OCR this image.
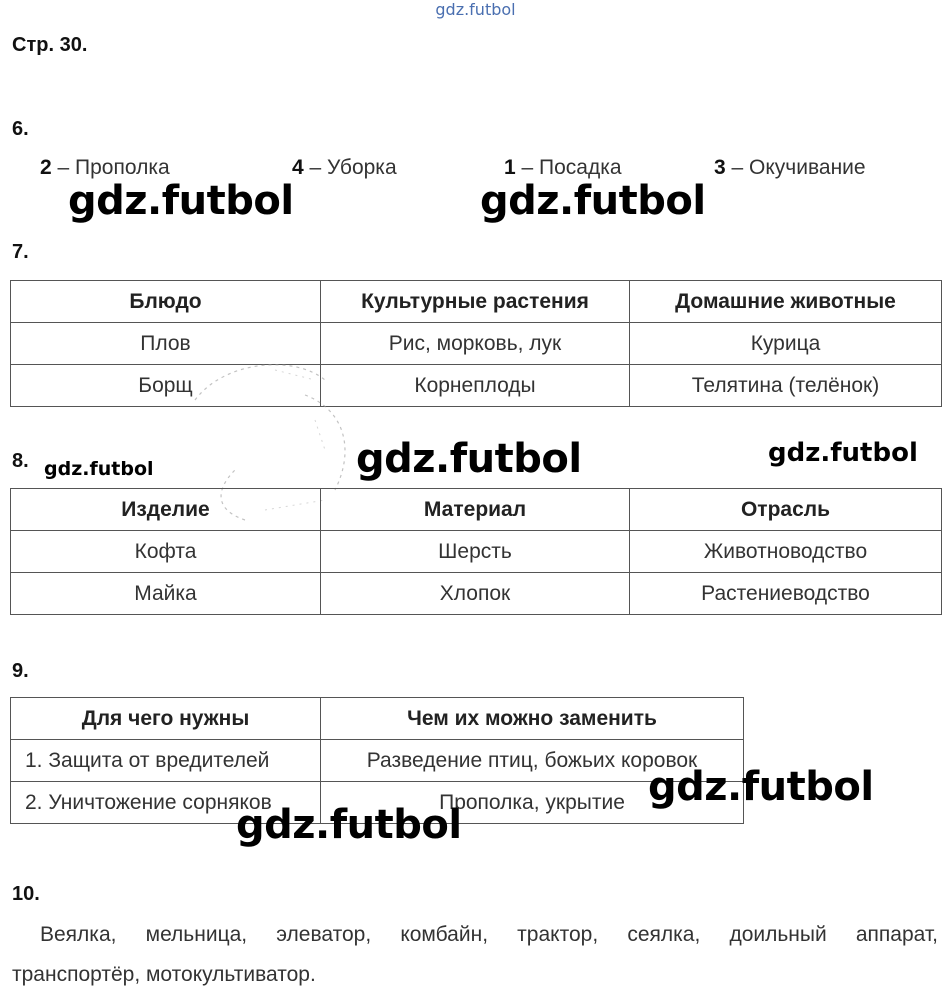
gdz.futbol
Стр. 30.
6.
2 – Прополка	4 – Уборка	1 – Посадка	3 – Окучивание
gdz.futbol	gdz.futbol
7.
Блюдо	Культурные растения	Домашние животные
Плов	Рис, морковь, лук	Курица
Борщ	Корнеплоды	Телятина (телёнок)
8. gdz.futbol	gdz.futbol	gdz.futbol
Изделие	Материал	Отрасль
Кофта	Шерсть	Животноводство
Майка	Хлопок	Растениеводство
9.
Для чего нужны	Чем их можно заменить
1. Защита от вредителей	Разведение птиц, божьих коровок
2. Уничтожение сорняков	Прополка, укрытие gdz.futbol
gdz.futbol
10.
Веялка, мельница, элеватор, комбайн, трактор, сеялка, доильный аппарат,
транспортёр, мотокультиватор.
